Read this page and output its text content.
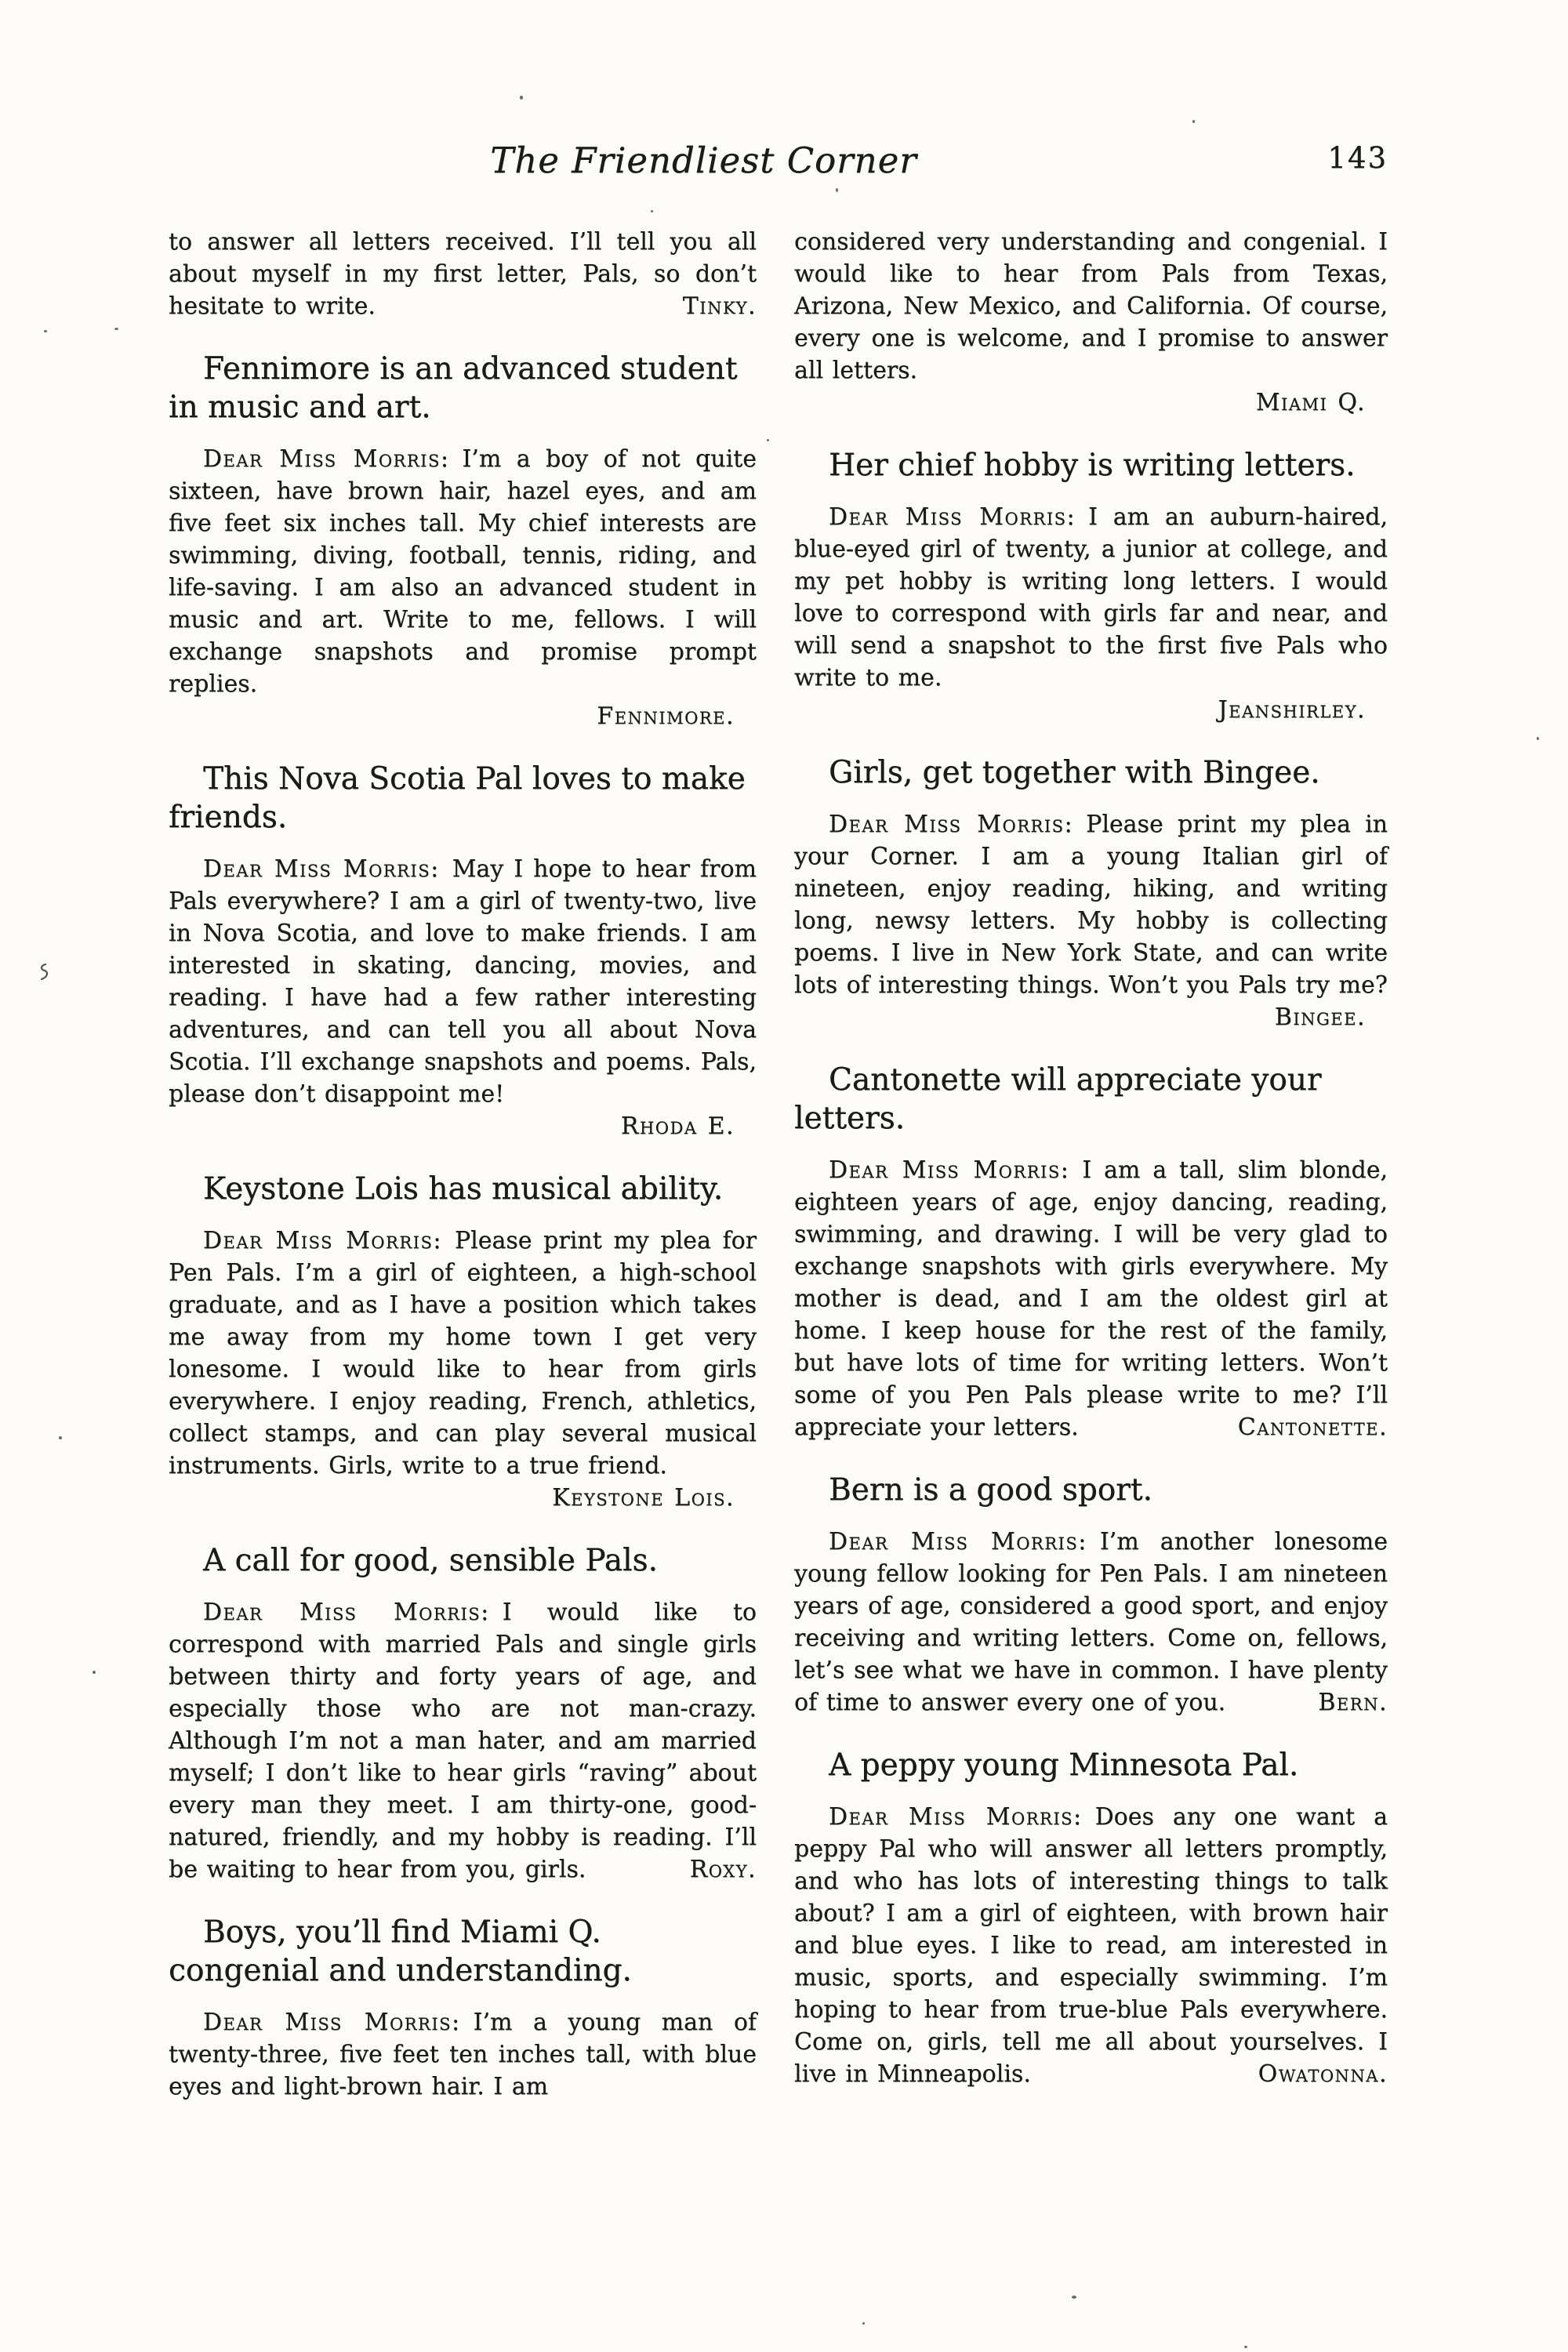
The Friendliest Corner	143

to answer all letters received. I’ll tell you all about myself in my first letter, Pals, so don’t hesitate to write.	Tinky.

Fennimore is an advanced student in music and art.

Dear Miss Morris: I’m a boy of not quite sixteen, have brown hair, hazel eyes, and am five feet six inches tall. My chief interests are swimming, diving, football, tennis, riding, and life-saving. I am also an advanced student in music and art. Write to me, fellows. I will exchange snapshots and promise prompt replies.
Fennimore.

This Nova Scotia Pal loves to make friends.

Dear Miss Morris: May I hope to hear from Pals everywhere? I am a girl of twenty-two, live in Nova Scotia, and love to make friends. I am interested in skating, dancing, movies, and reading. I have had a few rather interesting adventures, and can tell you all about Nova Scotia. I’ll exchange snapshots and poems. Pals, please don’t disappoint me!
Rhoda E.

Keystone Lois has musical ability.

Dear Miss Morris: Please print my plea for Pen Pals. I’m a girl of eighteen, a high-school graduate, and as I have a position which takes me away from my home town I get very lonesome. I would like to hear from girls everywhere. I enjoy reading, French, athletics, collect stamps, and can play several musical instruments. Girls, write to a true friend.
Keystone Lois.

A call for good, sensible Pals.

Dear Miss Morris: I would like to correspond with married Pals and single girls between thirty and forty years of age, and especially those who are not man-crazy. Although I’m not a man hater, and am married myself; I don’t like to hear girls “raving” about every man they meet. I am thirty-one, good-natured, friendly, and my hobby is reading. I’ll be waiting to hear from you, girls.	Roxy.

Boys, you’ll find Miami Q. congenial and understanding.

Dear Miss Morris: I’m a young man of twenty-three, five feet ten inches tall, with blue eyes and light-brown hair. I am

considered very understanding and congenial. I would like to hear from Pals from Texas, Arizona, New Mexico, and California. Of course, every one is welcome, and I promise to answer all letters.
Miami Q.

Her chief hobby is writing letters.

Dear Miss Morris: I am an auburn-haired, blue-eyed girl of twenty, a junior at college, and my pet hobby is writing long letters. I would love to correspond with girls far and near, and will send a snapshot to the first five Pals who write to me.
Jeanshirley.

Girls, get together with Bingee.

Dear Miss Morris: Please print my plea in your Corner. I am a young Italian girl of nineteen, enjoy reading, hiking, and writing long, newsy letters. My hobby is collecting poems. I live in New York State, and can write lots of interesting things. Won’t you Pals try me?
Bingee.

Cantonette will appreciate your letters.

Dear Miss Morris: I am a tall, slim blonde, eighteen years of age, enjoy dancing, reading, swimming, and drawing. I will be very glad to exchange snapshots with girls everywhere. My mother is dead, and I am the oldest girl at home. I keep house for the rest of the family, but have lots of time for writing letters. Won’t some of you Pen Pals please write to me? I’ll appreciate your letters.	Cantonette.

Bern is a good sport.

Dear Miss Morris: I’m another lonesome young fellow looking for Pen Pals. I am nineteen years of age, considered a good sport, and enjoy receiving and writing letters. Come on, fellows, let’s see what we have in common. I have plenty of time to answer every one of you.	Bern.

A peppy young Minnesota Pal.

Dear Miss Morris: Does any one want a peppy Pal who will answer all letters promptly, and who has lots of interesting things to talk about? I am a girl of eighteen, with brown hair and blue eyes. I like to read, am interested in music, sports, and especially swimming. I’m hoping to hear from true-blue Pals everywhere. Come on, girls, tell me all about yourselves. I live in Minneapolis.	Owatonna.
